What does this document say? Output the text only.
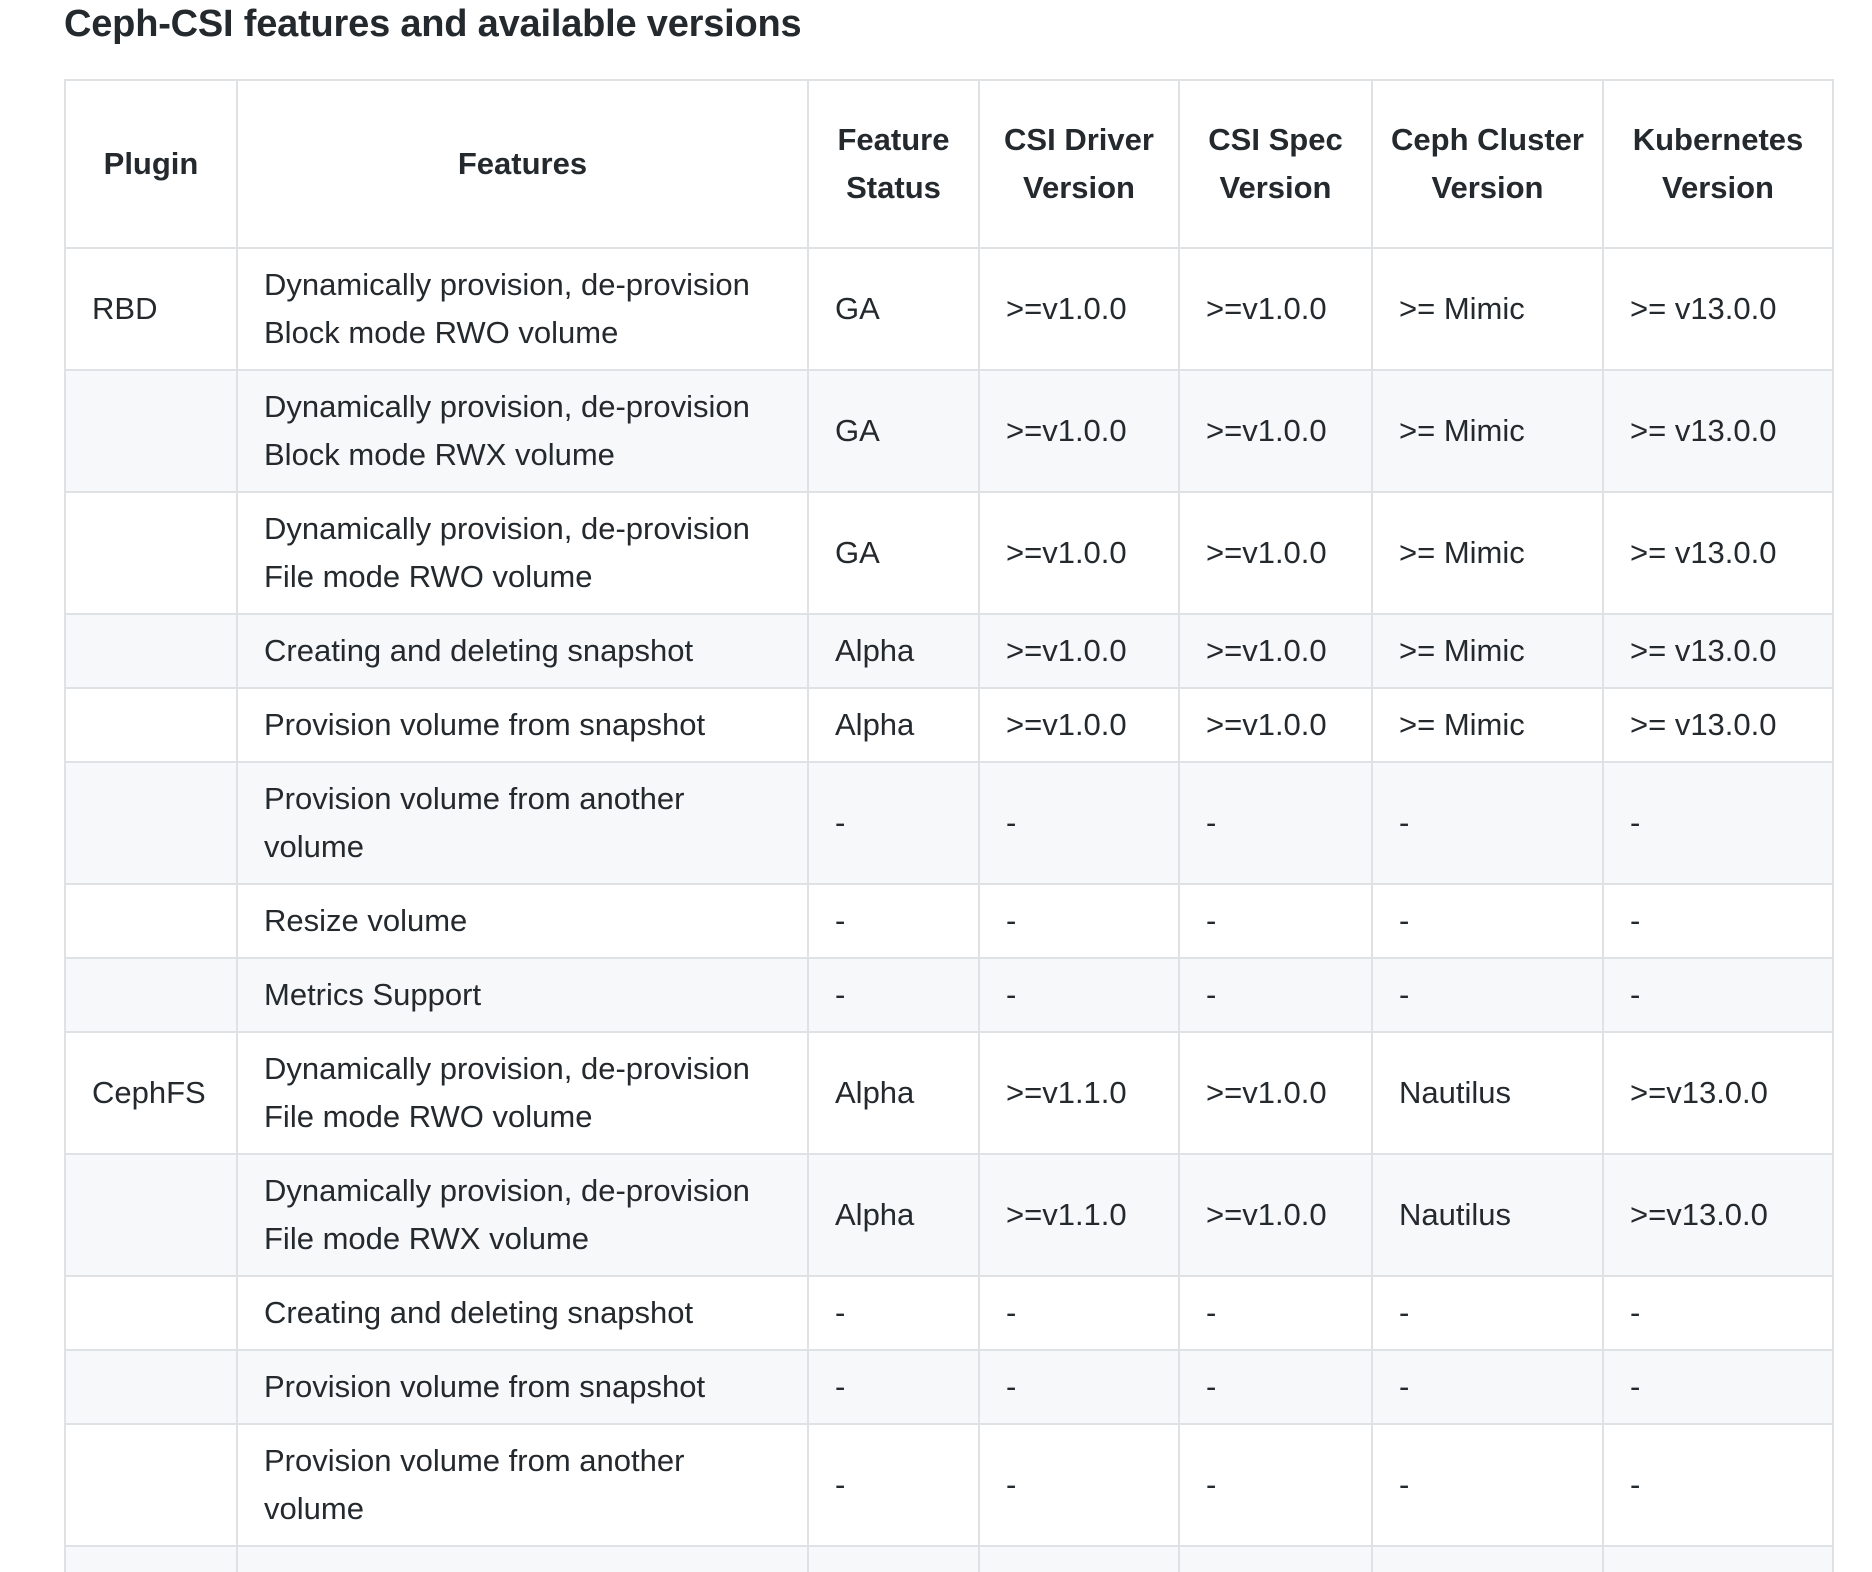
Ceph-CSI features and available versions
Plugin	Features	Feature Status	CSI Driver Version	CSI Spec Version	Ceph Cluster Version	Kubernetes Version
RBD	Dynamically provision, de-provision Block mode RWO volume	GA	>=v1.0.0	>=v1.0.0	>= Mimic	>= v13.0.0
	Dynamically provision, de-provision Block mode RWX volume	GA	>=v1.0.0	>=v1.0.0	>= Mimic	>= v13.0.0
	Dynamically provision, de-provision File mode RWO volume	GA	>=v1.0.0	>=v1.0.0	>= Mimic	>= v13.0.0
	Creating and deleting snapshot	Alpha	>=v1.0.0	>=v1.0.0	>= Mimic	>= v13.0.0
	Provision volume from snapshot	Alpha	>=v1.0.0	>=v1.0.0	>= Mimic	>= v13.0.0
	Provision volume from another volume	-	-	-	-	-
	Resize volume	-	-	-	-	-
	Metrics Support	-	-	-	-	-
CephFS	Dynamically provision, de-provision File mode RWO volume	Alpha	>=v1.1.0	>=v1.0.0	Nautilus	>=v13.0.0
	Dynamically provision, de-provision File mode RWX volume	Alpha	>=v1.1.0	>=v1.0.0	Nautilus	>=v13.0.0
	Creating and deleting snapshot	-	-	-	-	-
	Provision volume from snapshot	-	-	-	-	-
	Provision volume from another volume	-	-	-	-	-
